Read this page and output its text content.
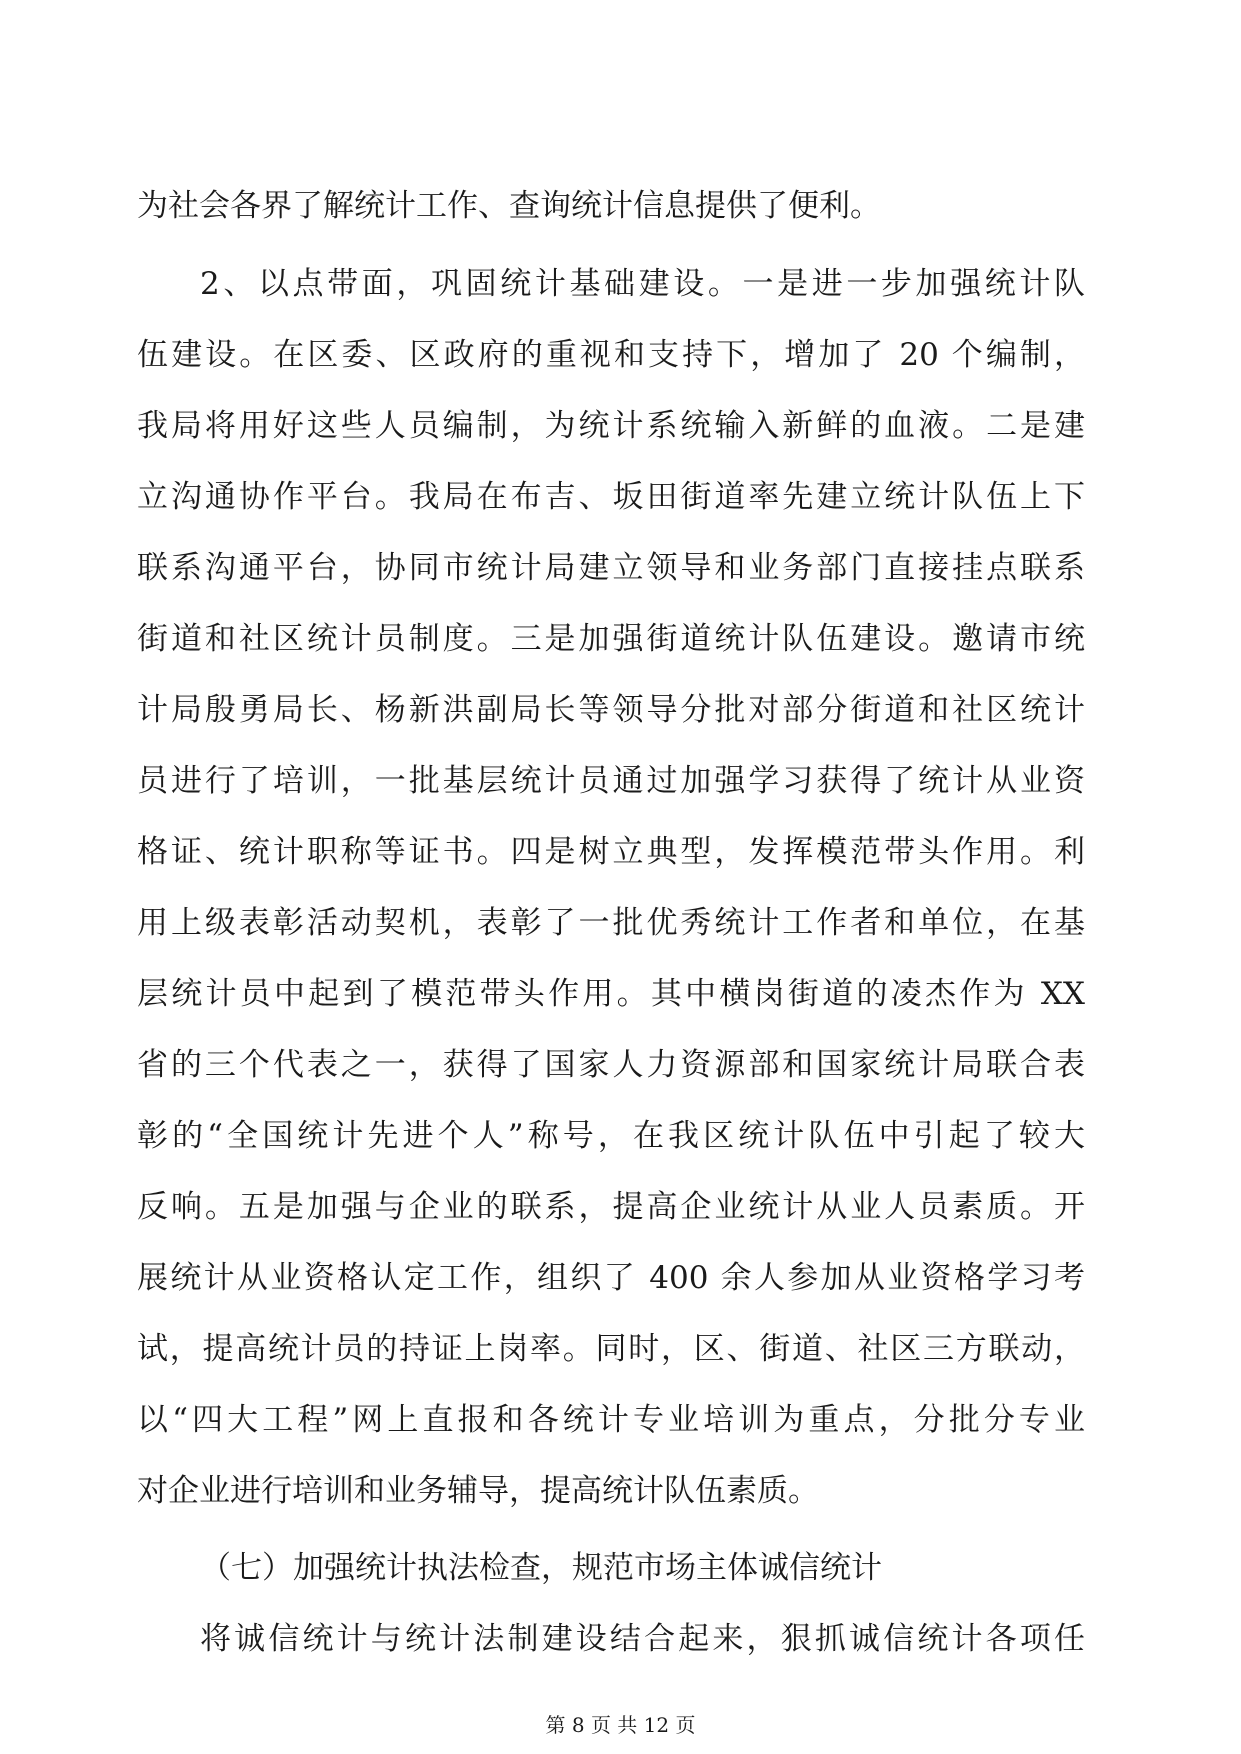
为社会各界了解统计工作、查询统计信息提供了便利。
2、以点带面，巩固统计基础建设。一是进一步加强统计队
伍建设。在区委、区政府的重视和支持下，增加了 20 个编制，
我局将用好这些人员编制，为统计系统输入新鲜的血液。二是建
立沟通协作平台。我局在布吉、坂田街道率先建立统计队伍上下
联系沟通平台，协同市统计局建立领导和业务部门直接挂点联系
街道和社区统计员制度。三是加强街道统计队伍建设。邀请市统
计局殷勇局长、杨新洪副局长等领导分批对部分街道和社区统计
员进行了培训，一批基层统计员通过加强学习获得了统计从业资
格证、统计职称等证书。四是树立典型，发挥模范带头作用。利
用上级表彰活动契机，表彰了一批优秀统计工作者和单位，在基
层统计员中起到了模范带头作用。其中横岗街道的凌杰作为 XX
省的三个代表之一，获得了国家人力资源部和国家统计局联合表
彰的“全国统计先进个人”称号，在我区统计队伍中引起了较大
反响。五是加强与企业的联系，提高企业统计从业人员素质。开
展统计从业资格认定工作，组织了 400 余人参加从业资格学习考
试，提高统计员的持证上岗率。同时，区、街道、社区三方联动，
以“四大工程”网上直报和各统计专业培训为重点，分批分专业
对企业进行培训和业务辅导，提高统计队伍素质。
（七）加强统计执法检查，规范市场主体诚信统计
将诚信统计与统计法制建设结合起来，狠抓诚信统计各项任
第 8 页 共 12 页
